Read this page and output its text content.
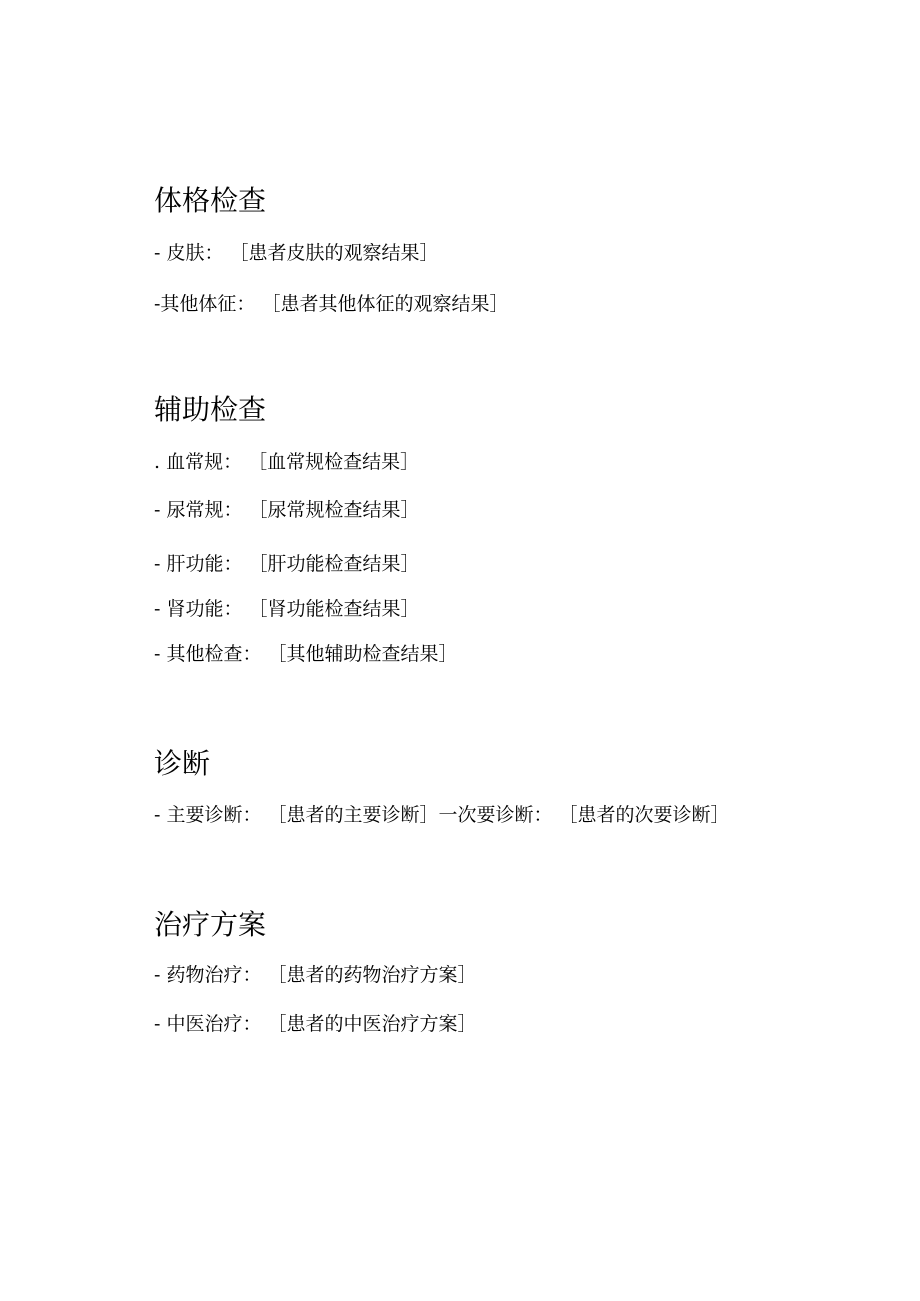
体格检查

- 皮肤： ［患者皮肤的观察结果］

-其他体征： ［患者其他体征的观察结果］

辅助检查

. 血常规： ［血常规检查结果］

- 尿常规： ［尿常规检查结果］

- 肝功能： ［肝功能检查结果］

- 肾功能： ［肾功能检查结果］

- 其他检查： ［其他辅助检查结果］

诊断

- 主要诊断： ［患者的主要诊断］一次要诊断： ［患者的次要诊断］

治疗方案

- 药物治疗： ［患者的药物治疗方案］

- 中医治疗： ［患者的中医治疗方案］
